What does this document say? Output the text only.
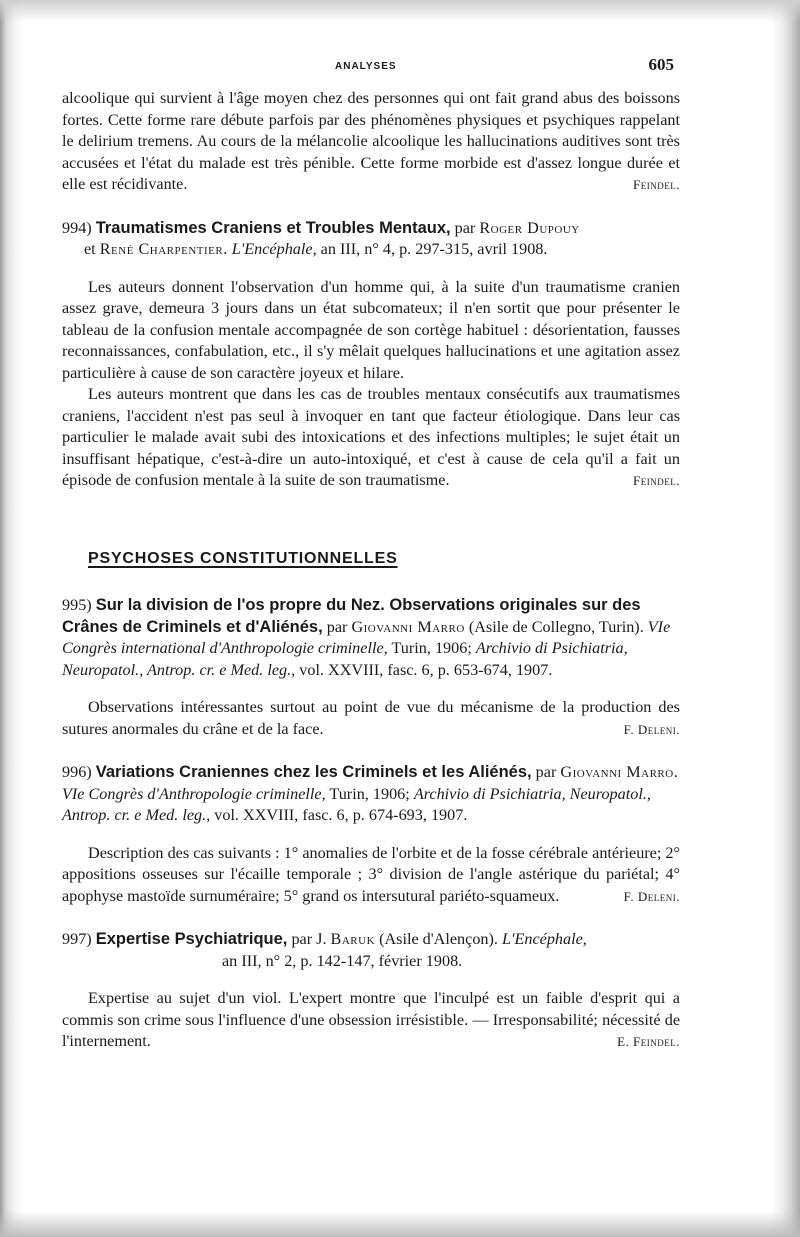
ANALYSES	605

alcoolique qui survient à l'âge moyen chez des personnes qui ont fait grand abus des boissons fortes. Cette forme rare débute parfois par des phénomènes physiques et psychiques rappelant le delirium tremens. Au cours de la mélancolie alcoolique les hallucinations auditives sont très accusées et l'état du malade est très pénible. Cette forme morbide est d'assez longue durée et elle est récidivante.	Feindel.

994) Traumatismes Craniens et Troubles Mentaux, par Roger Dupouy
et René Charpentier. L'Encéphale, an III, n° 4, p. 297-315, avril 1908.

Les auteurs donnent l'observation d'un homme qui, à la suite d'un traumatisme cranien assez grave, demeura 3 jours dans un état subcomateux; il n'en sortit que pour présenter le tableau de la confusion mentale accompagnée de son cortège habituel : désorientation, fausses reconnaissances, confabulation, etc., il s'y mêlait quelques hallucinations et une agitation assez particulière à cause de son caractère joyeux et hilare.

Les auteurs montrent que dans les cas de troubles mentaux consécutifs aux traumatismes craniens, l'accident n'est pas seul à invoquer en tant que facteur étiologique. Dans leur cas particulier le malade avait subi des intoxications et des infections multiples; le sujet était un insuffisant hépatique, c'est-à-dire un auto-intoxiqué, et c'est à cause de cela qu'il a fait un épisode de confusion mentale à la suite de son traumatisme.	Feindel.

PSYCHOSES CONSTITUTIONNELLES
995) Sur la division de l'os propre du Nez. Observations originales sur des Crânes de Criminels et d'Aliénés, par Giovanni Marro (Asile de Collegno, Turin). VIe Congrès international d'Anthropologie criminelle, Turin, 1906; Archivio di Psichiatria, Neuropatol., Antrop. cr. e Med. leg., vol. XXVIII, fasc. 6, p. 653-674, 1907.

Observations intéressantes surtout au point de vue du mécanisme de la production des sutures anormales du crâne et de la face.	F. Deleni.

996) Variations Craniennes chez les Criminels et les Aliénés, par Giovanni Marro. VIe Congrès d'Anthropologie criminelle, Turin, 1906; Archivio di Psichiatria, Neuropatol., Antrop. cr. e Med. leg., vol. XXVIII, fasc. 6, p. 674-693, 1907.

Description des cas suivants : 1° anomalies de l'orbite et de la fosse cérébrale antérieure; 2° appositions osseuses sur l'écaille temporale ; 3° division de l'angle astérique du pariétal; 4° apophyse mastoïde surnuméraire; 5° grand os intersutural pariéto-squameux.	F. Deleni.

997) Expertise Psychiatrique, par J. Baruk (Asile d'Alençon). L'Encéphale,
an III, n° 2, p. 142-147, février 1908.

Expertise au sujet d'un viol. L'expert montre que l'inculpé est un faible d'esprit qui a commis son crime sous l'influence d'une obsession irrésistible. — Irresponsabilité; nécessité de l'internement.	E. Feindel.
